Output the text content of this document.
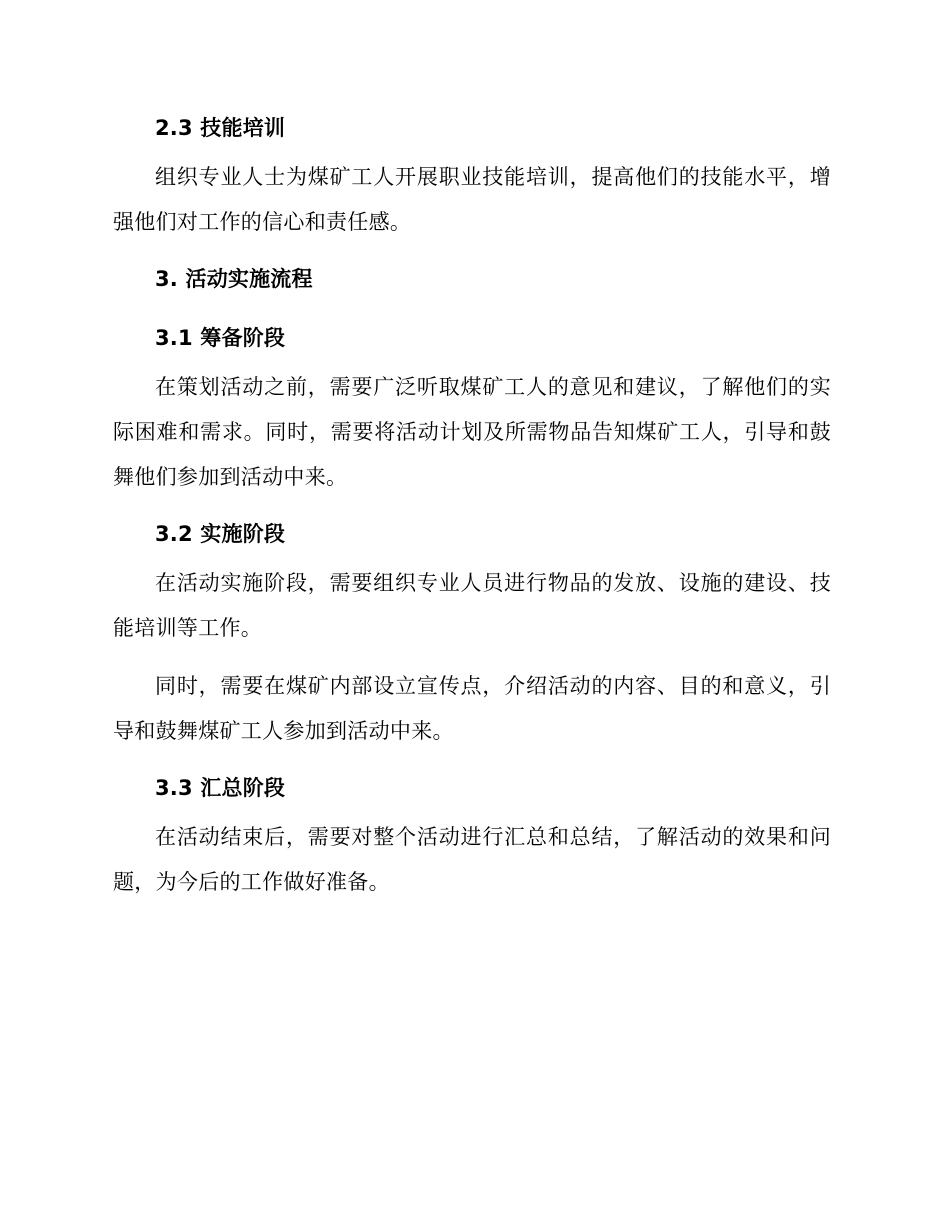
2.3 技能培训

组织专业人士为煤矿工人开展职业技能培训，提高他们的技能水平，增强他们对工作的信心和责任感。

3. 活动实施流程
3.1 筹备阶段

在策划活动之前，需要广泛听取煤矿工人的意见和建议，了解他们的实际困难和需求。同时，需要将活动计划及所需物品告知煤矿工人，引导和鼓舞他们参加到活动中来。

3.2 实施阶段

在活动实施阶段，需要组织专业人员进行物品的发放、设施的建设、技能培训等工作。

同时，需要在煤矿内部设立宣传点，介绍活动的内容、目的和意义，引导和鼓舞煤矿工人参加到活动中来。

3.3 汇总阶段

在活动结束后，需要对整个活动进行汇总和总结，了解活动的效果和问题，为今后的工作做好准备。
